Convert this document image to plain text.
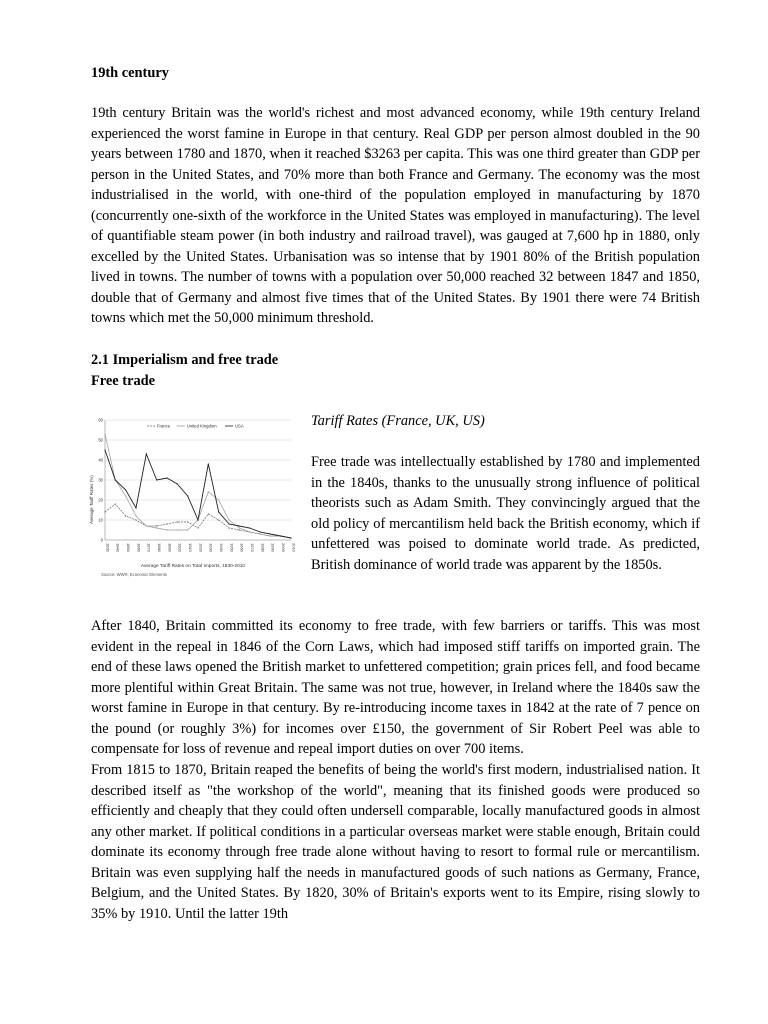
19th century

19th century Britain was the world's richest and most advanced economy, while 19th century Ireland experienced the worst famine in Europe in that century. Real GDP per person almost doubled in the 90 years between 1780 and 1870, when it reached $3263 per capita. This was one third greater than GDP per person in the United States, and 70% more than both France and Germany. The economy was the most industrialised in the world, with one-third of the population employed in manufacturing by 1870 (concurrently one-sixth of the workforce in the United States was employed in manufacturing). The level of quantifiable steam power (in both industry and railroad travel), was gauged at 7,600 hp in 1880, only excelled by the United States. Urbanisation was so intense that by 1901 80% of the British population lived in towns. The number of towns with a population over 50,000 reached 32 between 1847 and 1850, double that of Germany and almost five times that of the United States. By 1901 there were 74 British towns which met the 50,000 minimum threshold.

2.1 Imperialism and free trade

Free trade

0
10
20
30
40
50
60
1830 1840 1850 1860 1870 1880 1890 1900 1910 1920 1930 1940 1950 1960 1970 1980 1990 2000 2010
France	United Kingdom	USA
Average Tariff Rates (%)
Average Tariff Rates on Total Imports, 1830-2010
Source: WWR, Economic Elements

Tariff Rates (France, UK, US)

Free trade was intellectually established by 1780 and implemented in the 1840s, thanks to the unusually strong influence of political theorists such as Adam Smith. They convincingly argued that the old policy of mercantilism held back the British economy, which if unfettered was poised to dominate world trade. As predicted, British dominance of world trade was apparent by the 1850s.

After 1840, Britain committed its economy to free trade, with few barriers or tariffs. This was most evident in the repeal in 1846 of the Corn Laws, which had imposed stiff tariffs on imported grain. The end of these laws opened the British market to unfettered competition; grain prices fell, and food became more plentiful within Great Britain. The same was not true, however, in Ireland where the 1840s saw the worst famine in Europe in that century. By re-introducing income taxes in 1842 at the rate of 7 pence on the pound (or roughly 3%) for incomes over £150, the government of Sir Robert Peel was able to compensate for loss of revenue and repeal import duties on over 700 items.

From 1815 to 1870, Britain reaped the benefits of being the world's first modern, industrialised nation. It described itself as "the workshop of the world", meaning that its finished goods were produced so efficiently and cheaply that they could often undersell comparable, locally manufactured goods in almost any other market. If political conditions in a particular overseas market were stable enough, Britain could dominate its economy through free trade alone without having to resort to formal rule or mercantilism. Britain was even supplying half the needs in manufactured goods of such nations as Germany, France, Belgium, and the United States. By 1820, 30% of Britain's exports went to its Empire, rising slowly to 35% by 1910. Until the latter 19th
